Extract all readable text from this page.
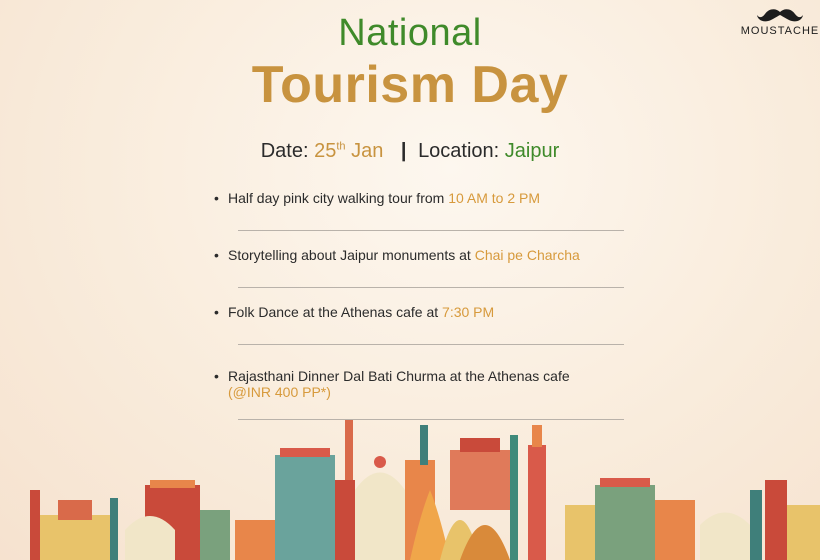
MOUSTACHE
National
Tourism Day
Date: 25th Jan | Location: Jaipur
• Half day pink city walking tour from 10 AM to 2 PM
• Storytelling about Jaipur monuments at Chai pe Charcha
• Folk Dance at the Athenas cafe at 7:30 PM
• Rajasthani Dinner Dal Bati Churma at the Athenas cafe
(@INR 400 PP*)
